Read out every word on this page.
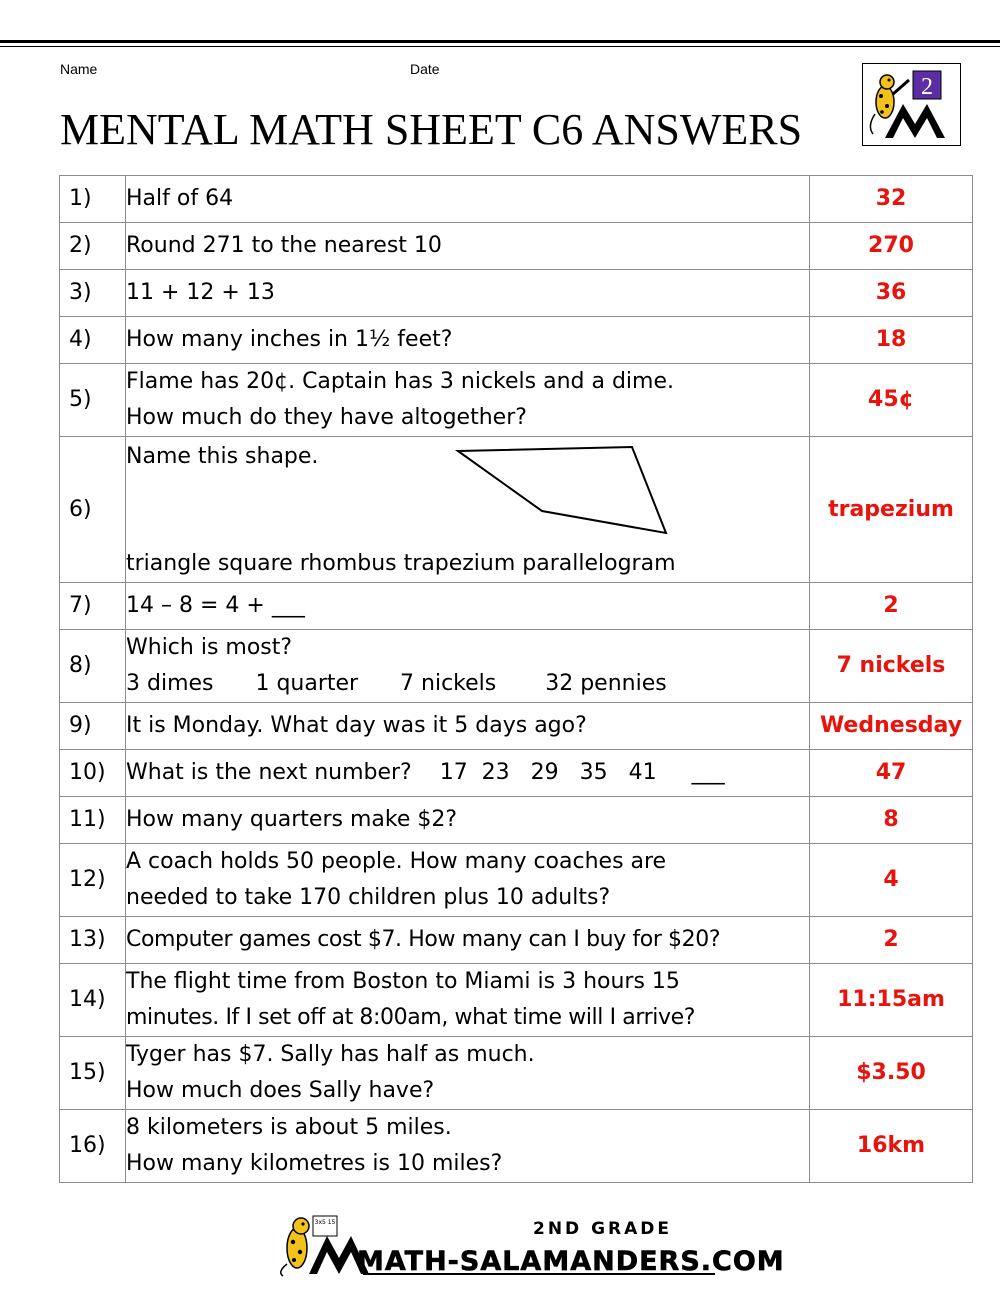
Name	Date
MENTAL MATH SHEET C6 ANSWERS
2
1)	Half of 64	32
2)	Round 271 to the nearest 10	270
3)	11 + 12 + 13	36
4)	How many inches in 1½ feet?	18
5)	Flame has 20¢. Captain has 3 nickels and a dime.
How much do they have altogether?	45¢
6)	Name this shape.
triangle square rhombus trapezium parallelogram	trapezium
7)	14 – 8 = 4 + ___	2
8)	Which is most?
3 dimes      1 quarter      7 nickels       32 pennies	7 nickels
9)	It is Monday. What day was it 5 days ago?	Wednesday
10)	What is the next number?    17  23   29   35   41     ___	47
11)	How many quarters make $2?	8
12)	A coach holds 50 people. How many coaches are
needed to take 170 children plus 10 adults?	4
13)	Computer games cost $7. How many can I buy for $20?	2
14)	The flight time from Boston to Miami is 3 hours 15
minutes. If I set off at 8:00am, what time will I arrive?	11:15am
15)	Tyger has $7. Sally has half as much.
How much does Sally have?	$3.50
16)	8 kilometers is about 5 miles.
How many kilometres is 10 miles?	16km
3x5 15	2ND GRADE
MATH-SALAMANDERS.COM
